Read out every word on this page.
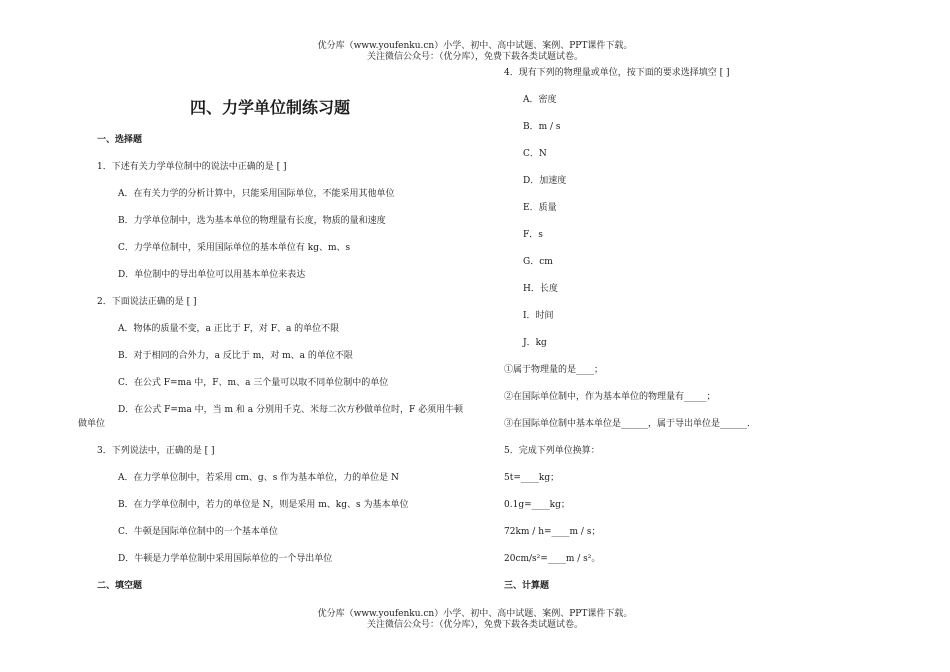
优分库（www.youfenku.cn）小学、初中、高中试题、案例、PPT课件下载。
关注微信公众号：（优分库），免费下载各类试题试卷。
四、力学单位制练习题
一、选择题
1．下述有关力学单位制中的说法中正确的是 [ ]
A．在有关力学的分析计算中，只能采用国际单位，不能采用其他单位
B．力学单位制中，选为基本单位的物理量有长度，物质的量和速度
C．力学单位制中，采用国际单位的基本单位有 kg、m、s
D．单位制中的导出单位可以用基本单位来表达
2．下面说法正确的是 [ ]
A．物体的质量不变，a 正比于 F，对 F、a 的单位不限
B．对于相同的合外力，a 反比于 m，对 m、a 的单位不限
C．在公式 F=ma 中，F、m、a 三个量可以取不同单位制中的单位
D．在公式 F=ma 中，当 m 和 a 分别用千克、米每二次方秒做单位时，F 必须用牛顿
做单位
3．下列说法中，正确的是 [ ]
A．在力学单位制中，若采用 cm、g、s 作为基本单位，力的单位是 N
B．在力学单位制中，若力的单位是 N，则是采用 m、kg、s 为基本单位
C．牛顿是国际单位制中的一个基本单位
D．牛顿是力学单位制中采用国际单位的一个导出单位
二、填空题
4．现有下列的物理量或单位，按下面的要求选择填空 [ ]
A．密度
B．m / s
C．N
D．加速度
E．质量
F．s
G．cm
H．长度
I．时间
J．kg
①属于物理量的是____；
②在国际单位制中，作为基本单位的物理量有_____；
③在国际单位制中基本单位是______，属于导出单位是______．
5．完成下列单位换算：
5t=____kg；
0.1g=____kg；
72km / h=____m / s；
20cm/s²=____m / s²。
三、计算题
优分库（www.youfenku.cn）小学、初中、高中试题、案例、PPT课件下载。
关注微信公众号：（优分库），免费下载各类试题试卷。
